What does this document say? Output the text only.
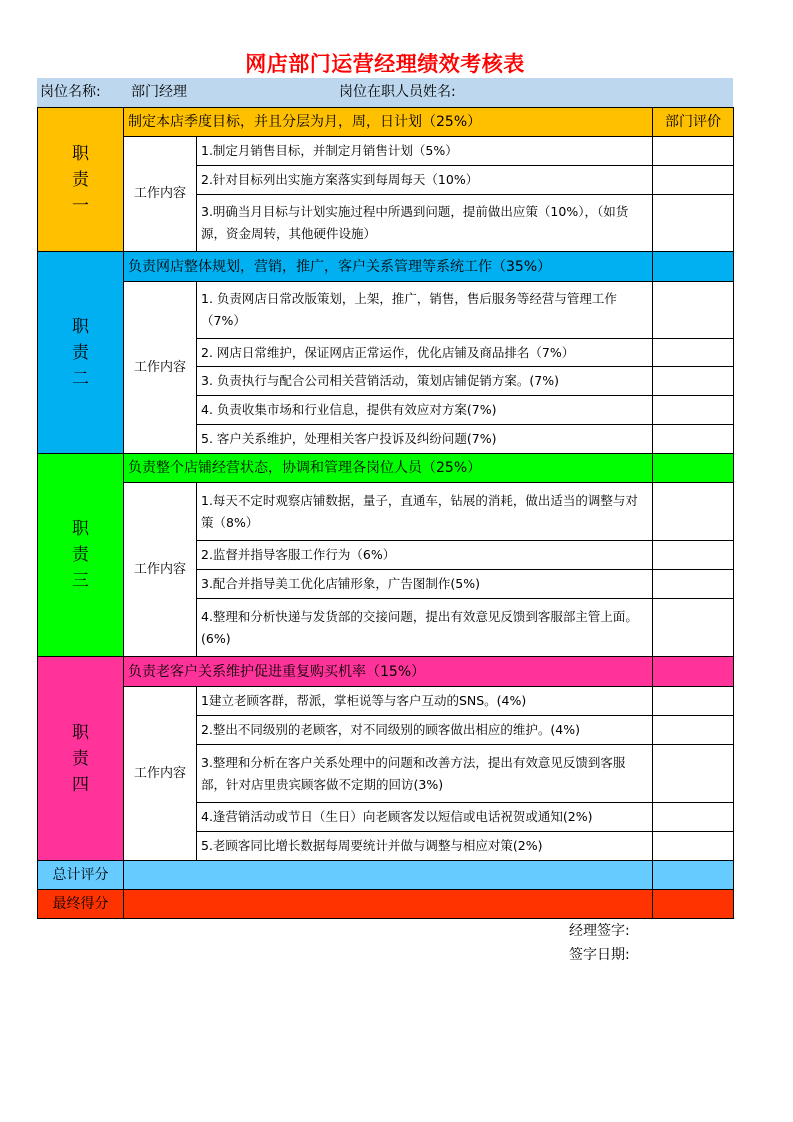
网店部门运营经理绩效考核表
岗位名称: 部门经理	岗位在职人员姓名:
职
责
一	制定本店季度目标，并且分层为月，周，日计划（25%）		部门评价
	工作内容	1.制定月销售目标，并制定月销售计划（5%）	
		2.针对目标列出实施方案落实到每周每天（10%）	
		3.明确当月目标与计划实施过程中所遇到问题，提前做出应策（10%），（如货源，资金周转，其他硬件设施）	

职
责
二	负责网店整体规划，营销，推广，客户关系管理等系统工作（35%）		
	工作内容	1. 负责网店日常改版策划，上架，推广，销售，售后服务等经营与管理工作（7%）	
		2. 网店日常维护，保证网店正常运作，优化店铺及商品排名（7%）	
		3. 负责执行与配合公司相关营销活动，策划店铺促销方案。(7%)	
		4. 负责收集市场和行业信息，提供有效应对方案(7%)	
		5. 客户关系维护，处理相关客户投诉及纠纷问题(7%)	

职
责
三	负责整个店铺经营状态，协调和管理各岗位人员（25%）		
	工作内容	1.每天不定时观察店铺数据，量子，直通车，钻展的消耗，做出适当的调整与对策（8%）	
		2.监督并指导客服工作行为（6%）	
		3.配合并指导美工优化店铺形象，广告图制作(5%)	
		4.整理和分析快递与发货部的交接问题，提出有效意见反馈到客服部主管上面。(6%)	

职
责
四	负责老客户关系维护促进重复购买机率（15%）		
	工作内容	1建立老顾客群，帮派，掌柜说等与客户互动的SNS。(4%)	
		2.整出不同级别的老顾客，对不同级别的顾客做出相应的维护。(4%)	
		3.整理和分析在客户关系处理中的问题和改善方法，提出有效意见反馈到客服部，针对店里贵宾顾客做不定期的回访(3%)	
		4.逢营销活动或节日（生日）向老顾客发以短信或电话祝贺或通知(2%)	
		5.老顾客同比增长数据每周要统计并做与调整与相应对策(2%)	
总计评分			
最终得分			
经理签字:
签字日期:
